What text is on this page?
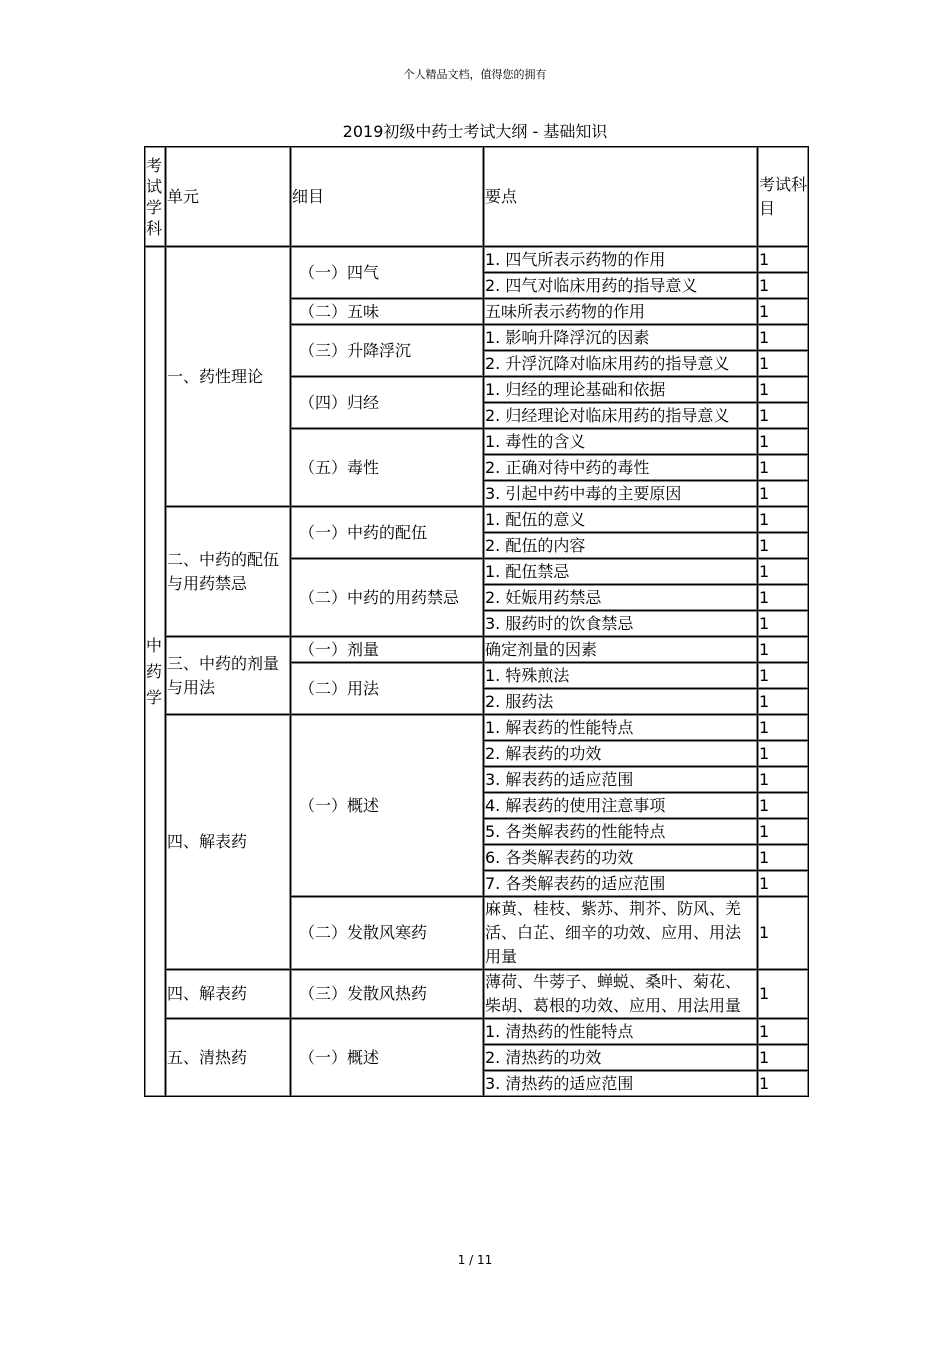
个人精品文档，值得您的拥有
2019初级中药士考试大纲 - 基础知识
考试学科	单元	细目	要点	考试科目
中药学	一、药性理论	（一）四气	1. 四气所表示药物的作用	1
			2. 四气对临床用药的指导意义	1
		（二）五味	五味所表示药物的作用	1
		（三）升降浮沉	1. 影响升降浮沉的因素	1
			2. 升浮沉降对临床用药的指导意义	1
		（四）归经	1. 归经的理论基础和依据	1
			2. 归经理论对临床用药的指导意义	1
		（五）毒性	1. 毒性的含义	1
			2. 正确对待中药的毒性	1
			3. 引起中药中毒的主要原因	1
	二、中药的配伍与用药禁忌	（一）中药的配伍	1. 配伍的意义	1
			2. 配伍的内容	1
		（二）中药的用药禁忌	1. 配伍禁忌	1
			2. 妊娠用药禁忌	1
			3. 服药时的饮食禁忌	1
	三、中药的剂量与用法	（一）剂量	确定剂量的因素	1
		（二）用法	1. 特殊煎法	1
			2. 服药法	1
	四、解表药	（一）概述	1. 解表药的性能特点	1
			2. 解表药的功效	1
			3. 解表药的适应范围	1
			4. 解表药的使用注意事项	1
			5. 各类解表药的性能特点	1
			6. 各类解表药的功效	1
			7. 各类解表药的适应范围	1
		（二）发散风寒药	麻黄、桂枝、紫苏、荆芥、防风、羌活、白芷、细辛的功效、应用、用法用量	1
	四、解表药	（三）发散风热药	薄荷、牛蒡子、蝉蜕、桑叶、菊花、柴胡、葛根的功效、应用、用法用量	1
	五、清热药	（一）概述	1. 清热药的性能特点	1
			2. 清热药的功效	1
			3. 清热药的适应范围	1
1 / 11
